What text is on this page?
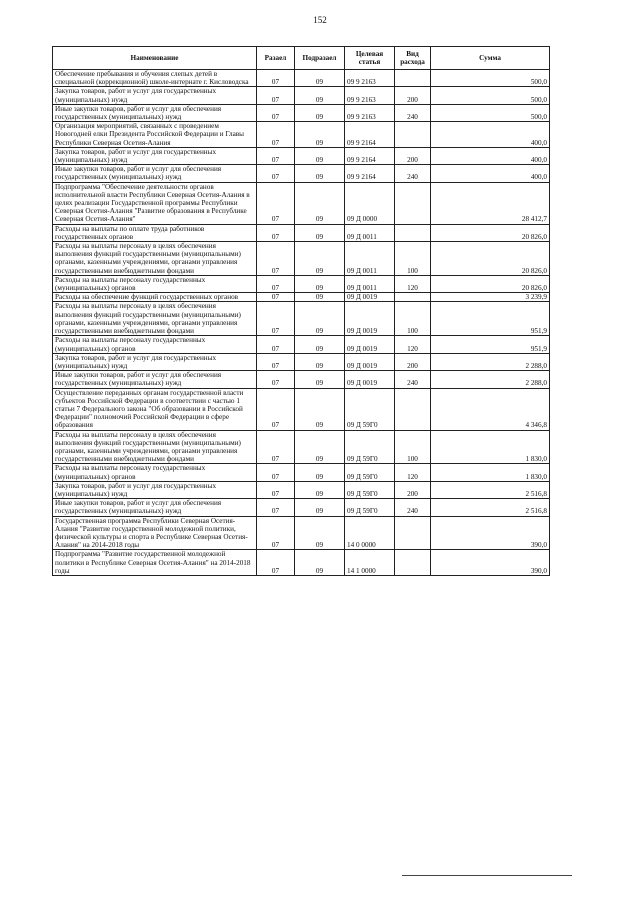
152
Наименование	Разаел	Подразаел	Целевая статья	Вид расхода	Сумма
Обеспечение пребывания и обучения слепых детей в специальной (коррекционной) школе-интернате г. Кисловодска	07	09	09 9 2163		500,0
Закупка товаров, работ и услуг для государственных (муниципальных) нужд	07	09	09 9 2163	200	500,0
Иные закупки товаров, работ и услуг для обеспечения государственных (муниципальных) нужд	07	09	09 9 2163	240	500,0
Организация мероприятий, связанных с проведением Новогодней елки Президента Российской Федерации и Главы Республики Северная Осетия-Алания	07	09	09 9 2164		400,0
Закупка товаров, работ и услуг для государственных (муниципальных) нужд	07	09	09 9 2164	200	400,0
Иные закупки товаров, работ и услуг для обеспечения государственных (муниципальных) нужд	07	09	09 9 2164	240	400,0
Подпрограмма "Обеспечение деятельности органов исполнительной власти Республики Северная Осетия-Алания в целях реализации Государственной программы Республики Северная Осетия-Алания "Развитие образования в Республике Северная Осетия-Алания"	07	09	09 Д 0000		28 412,7
Расходы на выплаты по оплате труда работников государственных органов	07	09	09 Д 0011		20 826,0
Расходы на выплаты персоналу в целях обеспечения выполнения функций государственными (муниципальными) органами, казенными учреждениями, органами управления государственными внебюджетными фондами	07	09	09 Д 0011	100	20 826,0
Расходы на выплаты персоналу государственных (муниципальных) органов	07	09	09 Д 0011	120	20 826,0
Расходы на обеспечение функций государственных органов	07	09	09 Д 0019		3 239,9
Расходы на выплаты персоналу в целях обеспечения выполнения функций государственными (муниципальными) органами, казенными учреждениями, органами управления государственными внебюджетными фондами	07	09	09 Д 0019	100	951,9
Расходы на выплаты персоналу государственных (муниципальных) органов	07	09	09 Д 0019	120	951,9
Закупка товаров, работ и услуг для государственных (муниципальных) нужд	07	09	09 Д 0019	200	2 288,0
Иные закупки товаров, работ и услуг для обеспечения государственных (муниципальных) нужд	07	09	09 Д 0019	240	2 288,0
Осуществление переданных органам государственной власти субъектов Российской Федерации в соответствии с частью 1 статьи 7 Федерального закона "Об образовании в Российской Федерации" полномочий Российской Федерации в сфере образования	07	09	09 Д 59Г0		4 346,8
Расходы на выплаты персоналу в целях обеспечения выполнения функций государственными (муниципальными) органами, казенными учреждениями, органами управления государственными внебюджетными фондами	07	09	09 Д 59Г0	100	1 830,0
Расходы на выплаты персоналу государственных (муниципальных) органов	07	09	09 Д 59Г0	120	1 830,0
Закупка товаров, работ и услуг для государственных (муниципальных) нужд	07	09	09 Д 59Г0	200	2 516,8
Иные закупки товаров, работ и услуг для обеспечения государственных (муниципальных) нужд	07	09	09 Д 59Г0	240	2 516,8
Государственная программа Республики Северная Осетия-Алания "Развитие государственной молодежной политики, физической культуры и спорта в Республике Северная Осетия-Алания" на 2014-2018 годы	07	09	14 0 0000		390,0
Подпрограмма "Развитие государственной молодежной политики в Республике Северная Осетия-Алания" на 2014-2018 годы	07	09	14 1 0000		390,0
